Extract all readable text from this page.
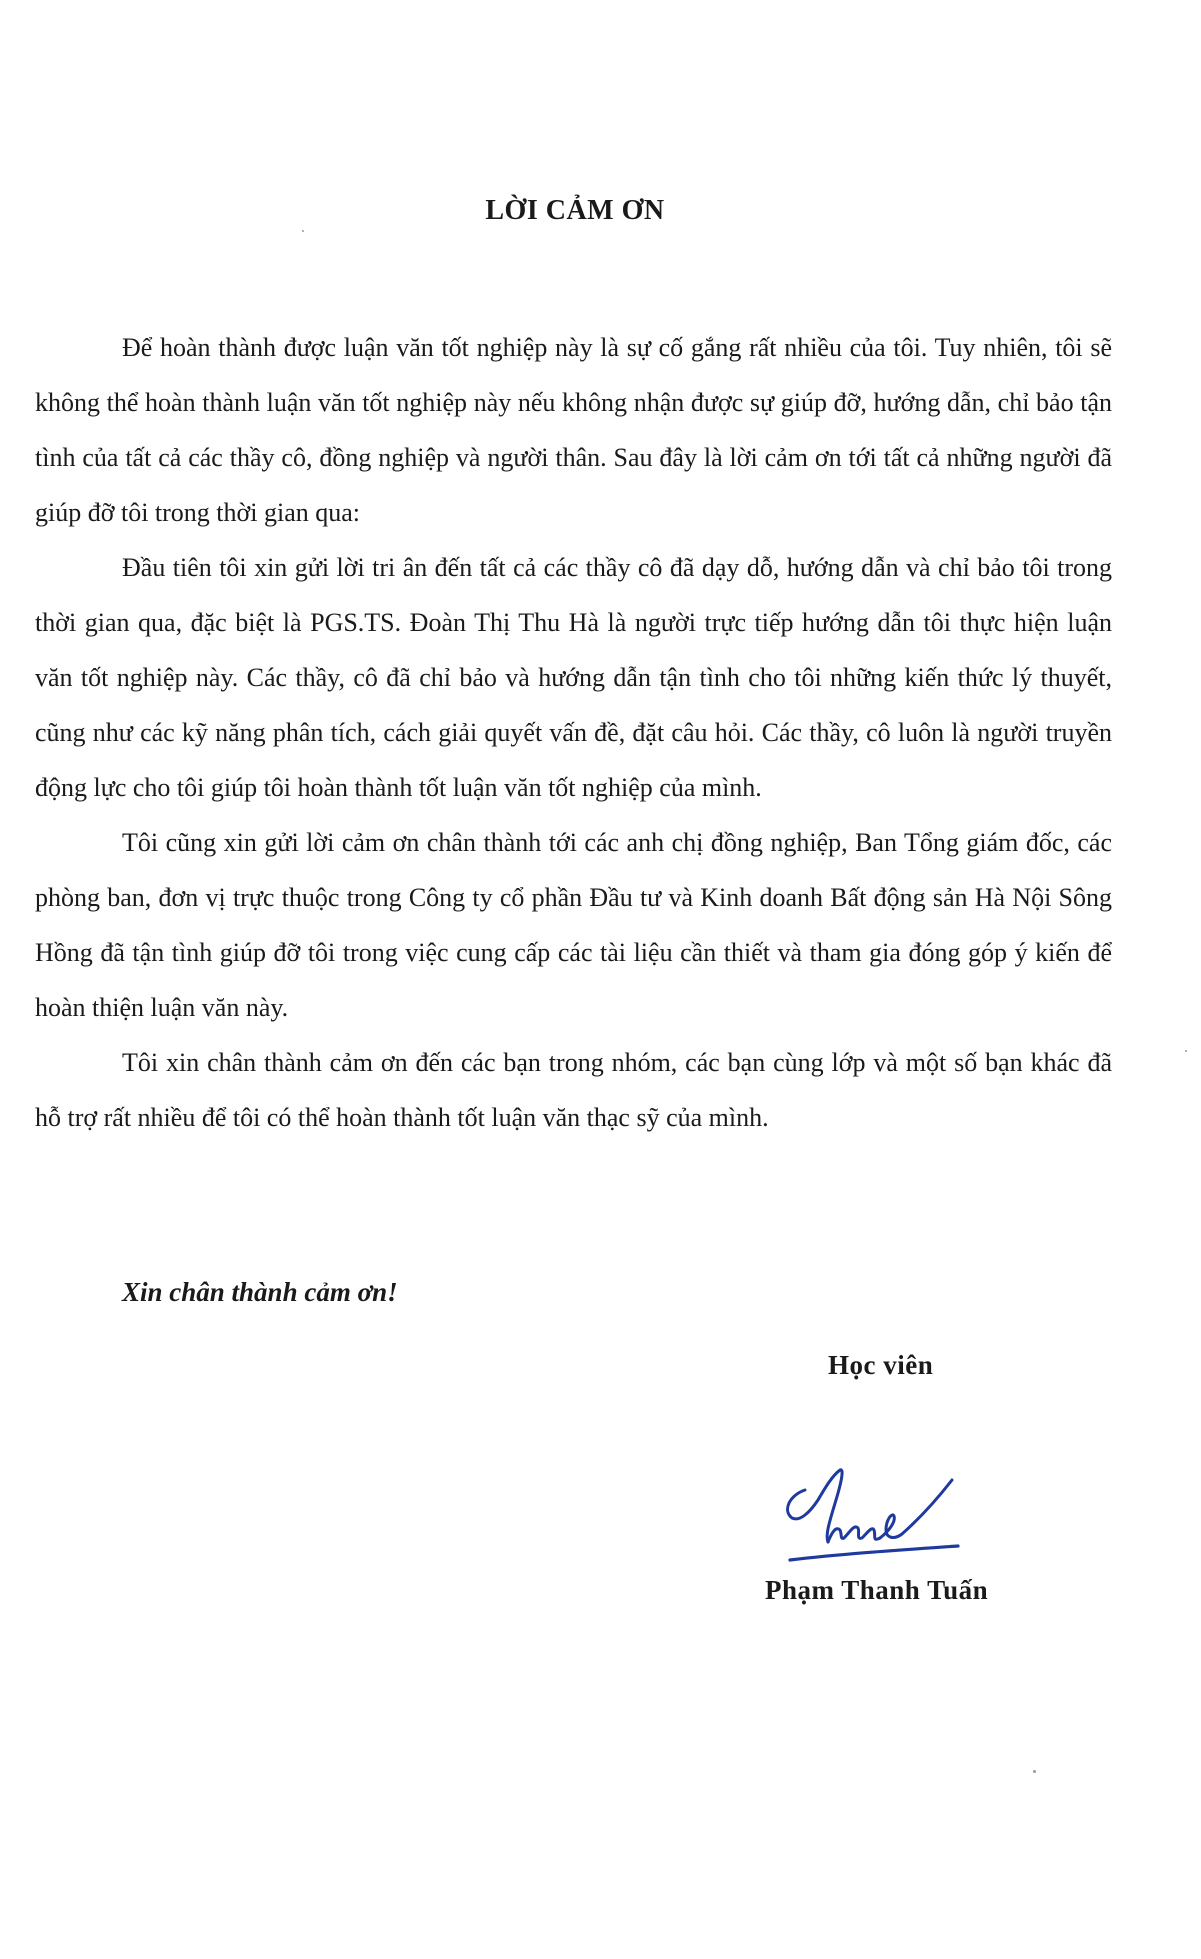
LỜI CẢM ƠN

Để hoàn thành được luận văn tốt nghiệp này là sự cố gắng rất nhiều của tôi. Tuy nhiên, tôi sẽ không thể hoàn thành luận văn tốt nghiệp này nếu không nhận được sự giúp đỡ, hướng dẫn, chỉ bảo tận tình của tất cả các thầy cô, đồng nghiệp và người thân. Sau đây là lời cảm ơn tới tất cả những người đã giúp đỡ tôi trong thời gian qua:

Đầu tiên tôi xin gửi lời tri ân đến tất cả các thầy cô đã dạy dỗ, hướng dẫn và chỉ bảo tôi trong thời gian qua, đặc biệt là PGS.TS. Đoàn Thị Thu Hà là người trực tiếp hướng dẫn tôi thực hiện luận văn tốt nghiệp này. Các thầy, cô đã chỉ bảo và hướng dẫn tận tình cho tôi những kiến thức lý thuyết, cũng như các kỹ năng phân tích, cách giải quyết vấn đề, đặt câu hỏi. Các thầy, cô luôn là người truyền động lực cho tôi giúp tôi hoàn thành tốt luận văn tốt nghiệp của mình.

Tôi cũng xin gửi lời cảm ơn chân thành tới các anh chị đồng nghiệp, Ban Tổng giám đốc, các phòng ban, đơn vị trực thuộc trong Công ty cổ phần Đầu tư và Kinh doanh Bất động sản Hà Nội Sông Hồng đã tận tình giúp đỡ tôi trong việc cung cấp các tài liệu cần thiết và tham gia đóng góp ý kiến để hoàn thiện luận văn này.

Tôi xin chân thành cảm ơn đến các bạn trong nhóm, các bạn cùng lớp và một số bạn khác đã hỗ trợ rất nhiều để tôi có thể hoàn thành tốt luận văn thạc sỹ của mình.

Xin chân thành cảm ơn!
Học viên
Phạm Thanh Tuấn
